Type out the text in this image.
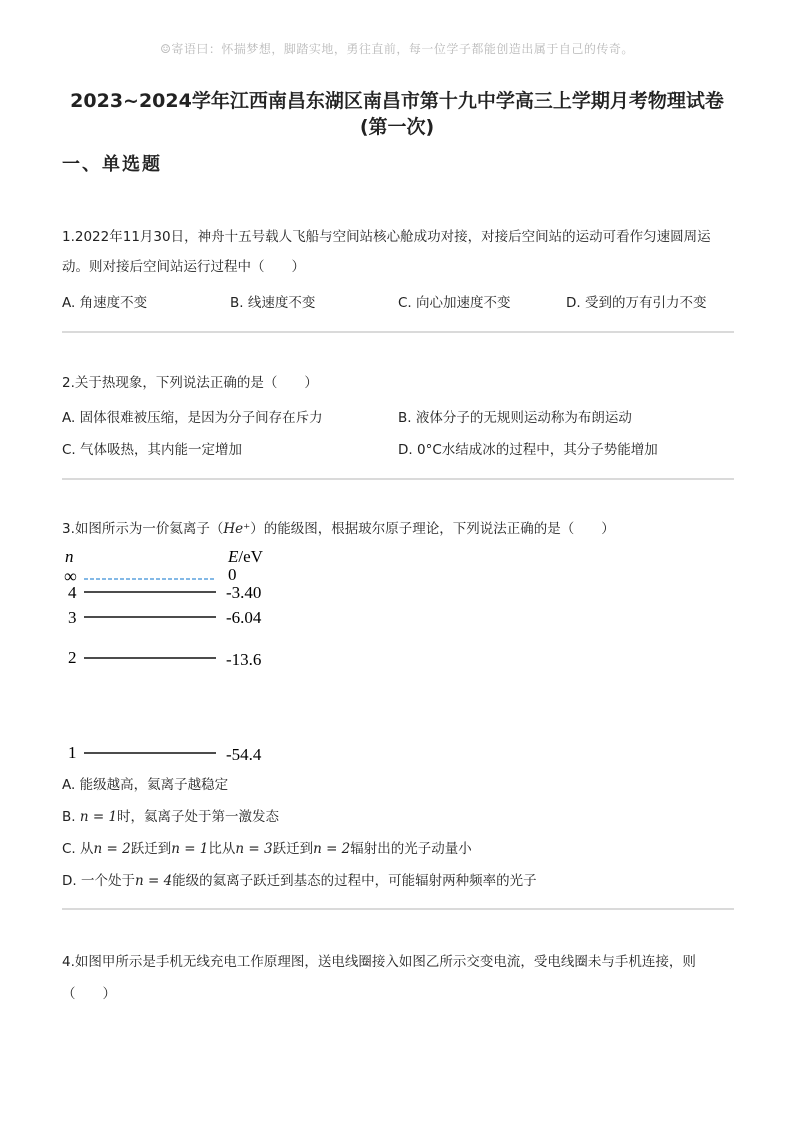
☺寄语曰：怀揣梦想，脚踏实地，勇往直前，每一位学子都能创造出属于自己的传奇。
2023~2024学年江西南昌东湖区南昌市第十九中学高三上学期月考物理试卷
(第一次)
一、单选题
1.2022年11月30日，神舟十五号载人飞船与空间站核心舱成功对接，对接后空间站的运动可看作匀速圆周运
动。则对接后空间站运行过程中（　　）
A. 角速度不变	B. 线速度不变	C. 向心加速度不变	D. 受到的万有引力不变
2.关于热现象，下列说法正确的是（　　）
A. 固体很难被压缩，是因为分子间存在斥力	B. 液体分子的无规则运动称为布朗运动
C. 气体吸热，其内能一定增加	D. 0°C水结成冰的过程中，其分子势能增加
3.如图所示为一价氦离子（He⁺）的能级图，根据玻尔原子理论，下列说法正确的是（　　）
n	E/eV
∞	0
4	-3.40
3	-6.04
2	-13.6
1	-54.4
A. 能级越高，氦离子越稳定
B. n = 1时，氦离子处于第一激发态
C. 从n = 2跃迁到n = 1比从n = 3跃迁到n = 2辐射出的光子动量小
D. 一个处于n = 4能级的氦离子跃迁到基态的过程中，可能辐射两种频率的光子
4.如图甲所示是手机无线充电工作原理图，送电线圈接入如图乙所示交变电流，受电线圈未与手机连接，则
（　　）
